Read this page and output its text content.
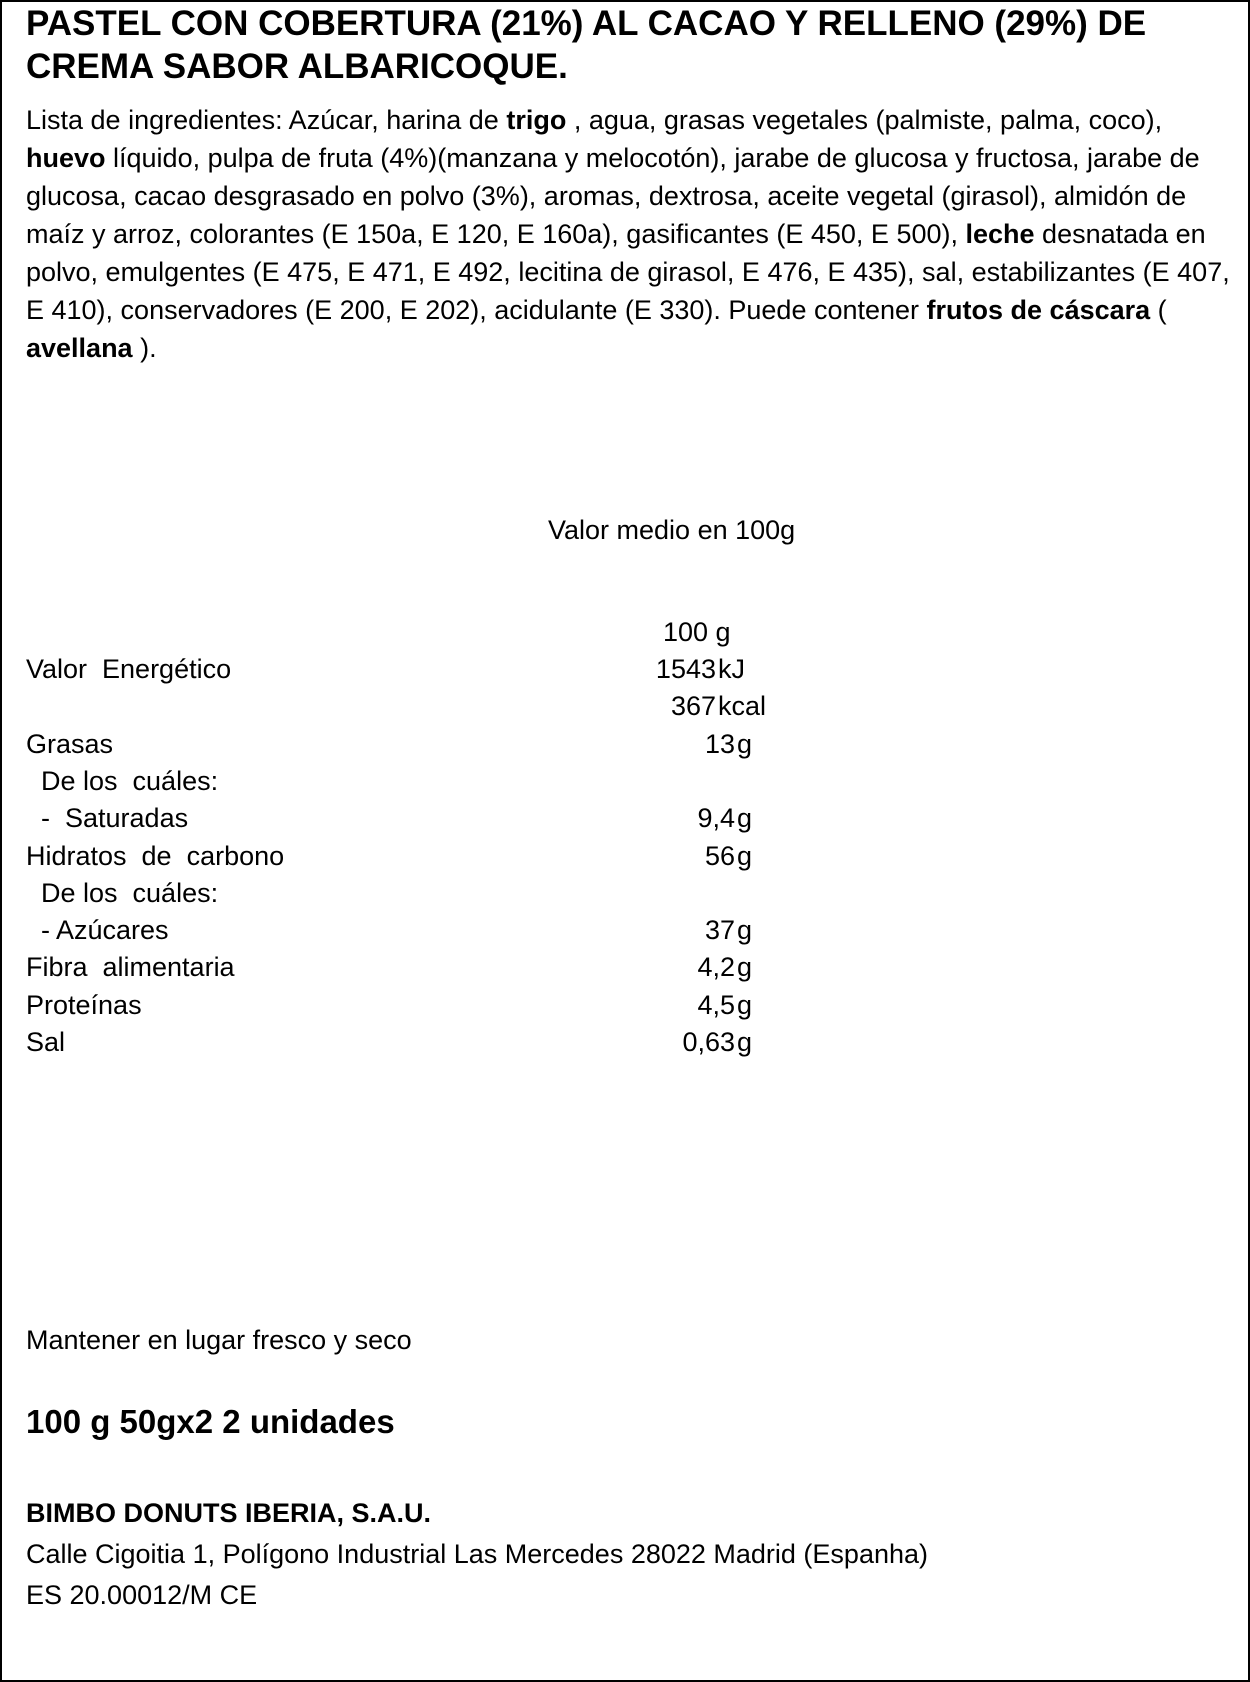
PASTEL CON COBERTURA (21%) AL CACAO Y RELLENO (29%) DE CREMA SABOR ALBARICOQUE.
Lista de ingredientes: Azúcar, harina de trigo , agua, grasas vegetales (palmiste, palma, coco), huevo líquido, pulpa de fruta (4%)(manzana y melocotón), jarabe de glucosa y fructosa, jarabe de glucosa, cacao desgrasado en polvo (3%), aromas, dextrosa, aceite vegetal (girasol), almidón de maíz y arroz, colorantes (E 150a, E 120, E 160a), gasificantes (E 450, E 500), leche desnatada en polvo, emulgentes (E 475, E 471, E 492, lecitina de girasol, E 476, E 435), sal, estabilizantes (E 407, E 410), conservadores (E 200, E 202), acidulante (E 330). Puede contener frutos de cáscara ( avellana ).
Valor medio en 100g
100 g
Valor  Energético	1543 kJ
367 kcal
Grasas	13 g
De los  cuáles:
-  Saturadas	9,4 g
Hidratos  de  carbono	56 g
De los  cuáles:
- Azúcares	37 g
Fibra  alimentaria	4,2 g
Proteínas	4,5 g
Sal	0,63 g
Mantener en lugar fresco y seco
100 g 50gx2 2 unidades
BIMBO DONUTS IBERIA, S.A.U.
Calle Cigoitia 1, Polígono Industrial Las Mercedes 28022 Madrid (Espanha)
ES 20.00012/M CE
